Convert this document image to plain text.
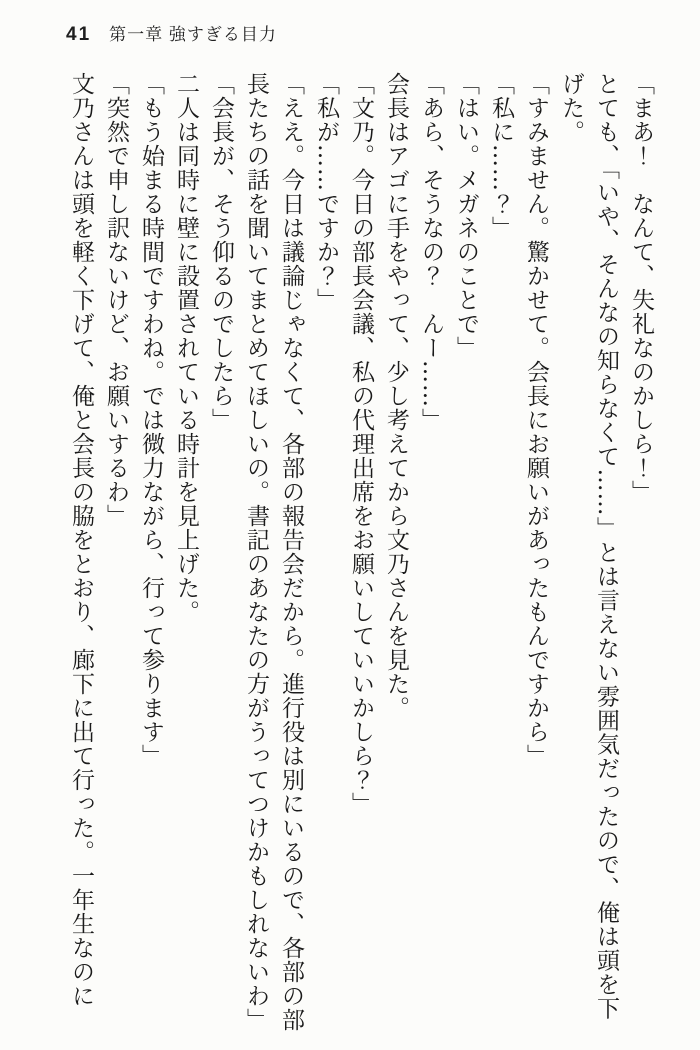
41 第一章 強すぎる目力

「まあ！　なんて、失礼なのかしら！」

とても、「いや、そんなの知らなくて……」とは言えない雰囲気だったので、俺は頭を下げた。

「すみません。驚かせて。会長にお願いがあったもんですから」

「私に……？」

「はい。メガネのことで」

「あら、そうなの？　んー……」

会長はアゴに手をやって、少し考えてから文乃さんを見た。

「文乃。今日の部長会議、私の代理出席をお願いしていいかしら？」

「私が……ですか？」

「ええ。今日は議論じゃなくて、各部の報告会だから。進行役は別にいるので、各部の部長たちの話を聞いてまとめてほしいの。書記のあなたの方がうってつけかもしれないわ」

「会長が、そう仰るのでしたら」

二人は同時に壁に設置されている時計を見上げた。

「もう始まる時間ですわね。では微力ながら、行って参ります」

「突然で申し訳ないけど、お願いするわ」

文乃さんは頭を軽く下げて、俺と会長の脇をとおり、廊下に出て行った。一年生なのに
